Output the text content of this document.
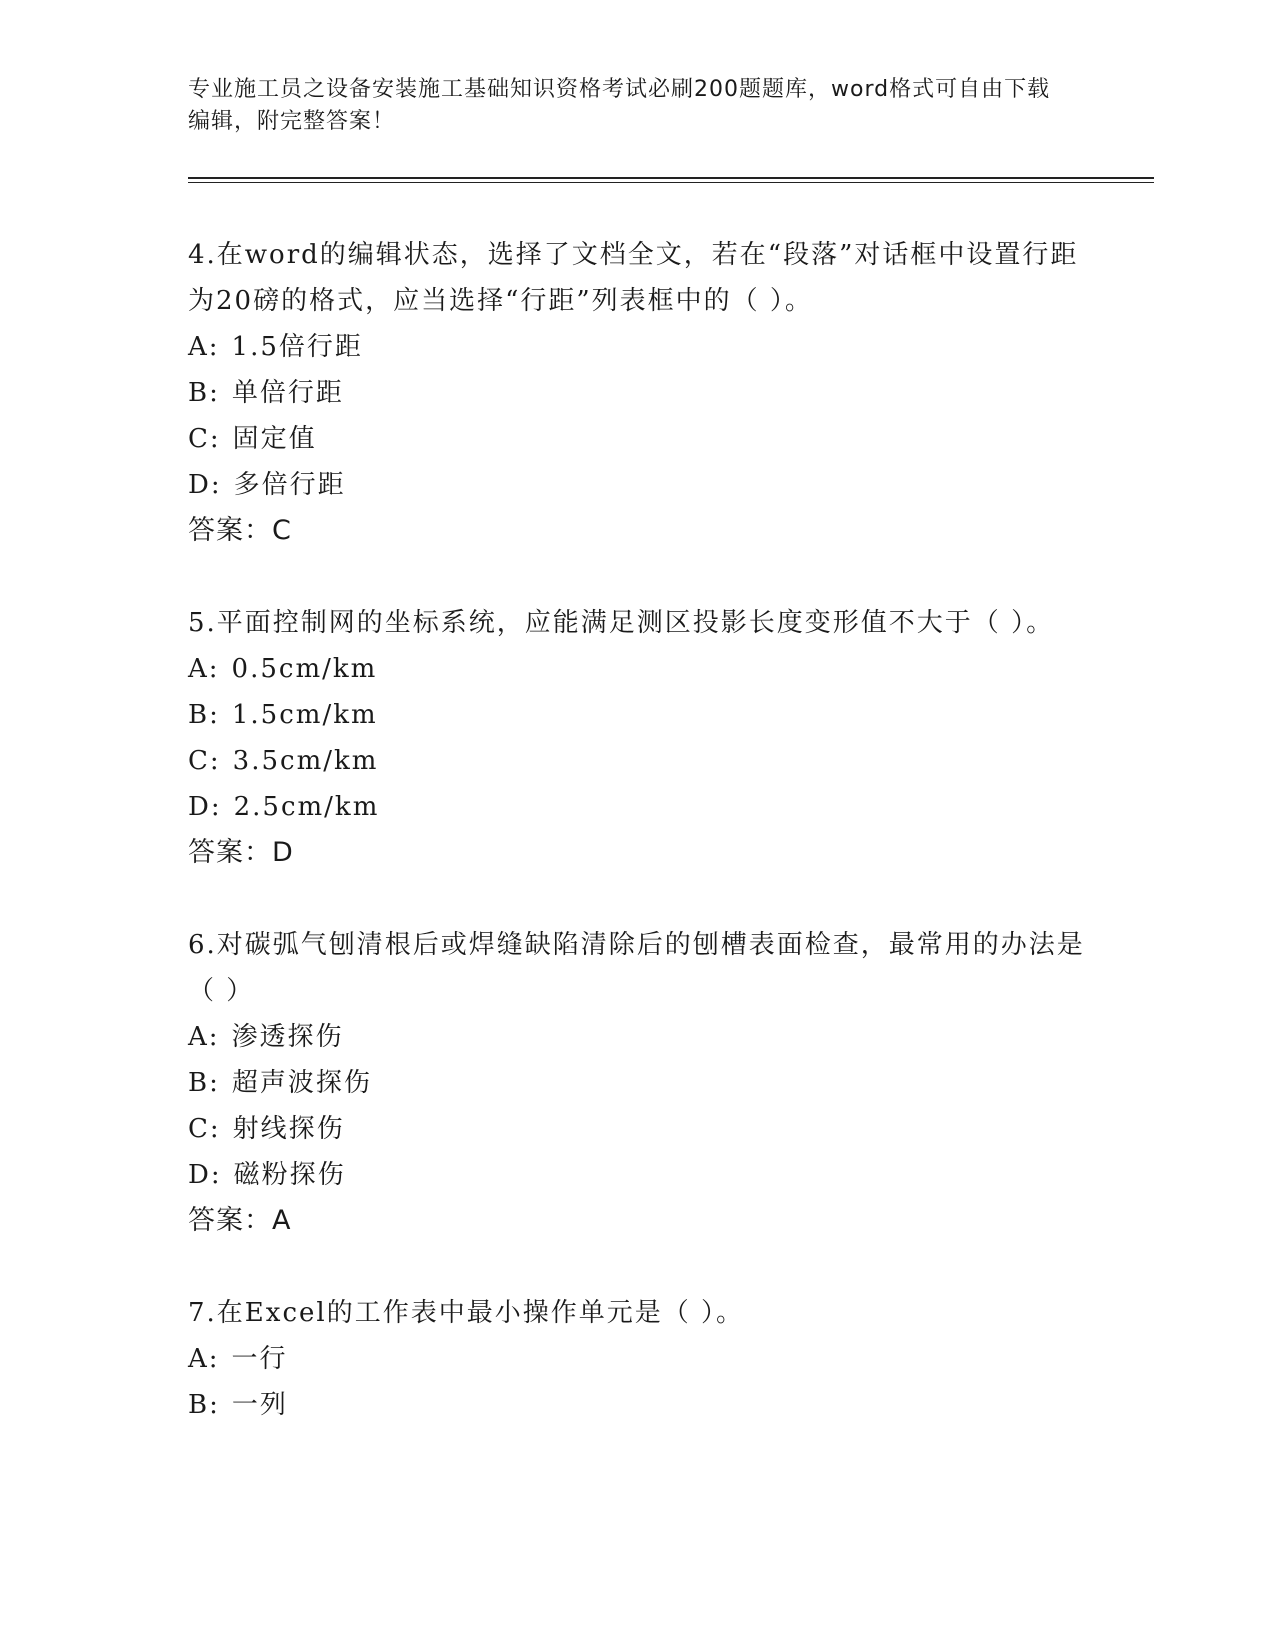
专业施工员之设备安装施工基础知识资格考试必刷200题题库，word格式可自由下载编辑，附完整答案！

4.在word的编辑状态，选择了文档全文，若在“段落”对话框中设置行距为20磅的格式，应当选择“行距”列表框中的（ ）。

A: 1.5倍行距
B: 单倍行距
C: 固定值
D: 多倍行距
答案：C

5.平面控制网的坐标系统，应能满足测区投影长度变形值不大于（ ）。

A: 0.5cm/km
B: 1.5cm/km
C: 3.5cm/km
D: 2.5cm/km
答案：D

6.对碳弧气刨清根后或焊缝缺陷清除后的刨槽表面检查，最常用的办法是（ ）

A: 渗透探伤
B: 超声波探伤
C: 射线探伤
D: 磁粉探伤
答案：A

7.在Excel的工作表中最小操作单元是（ ）。

A: 一行
B: 一列
